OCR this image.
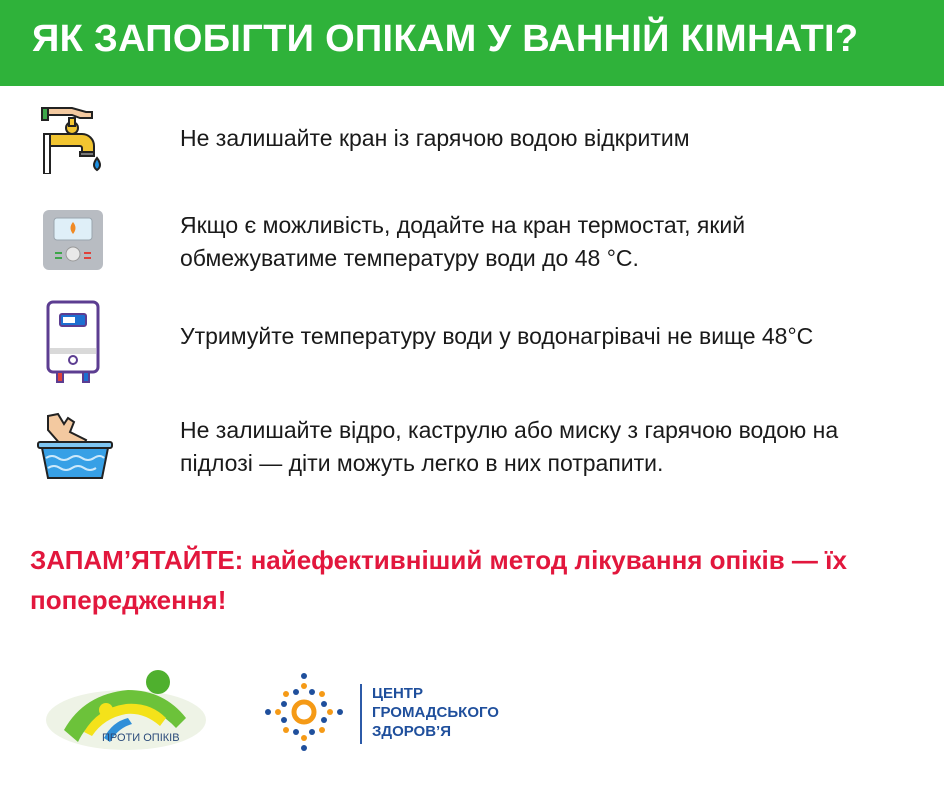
ЯК ЗАПОБІГТИ ОПІКАМ У ВАННІЙ КІМНАТІ?
Не залишайте кран із гарячою водою відкритим
Якщо є можливість, додайте на кран термостат, який обмежуватиме температуру води до 48 °C.
Утримуйте температуру води у водонагрівачі не вище 48°C
Не залишайте відро, каструлю або миску з гарячою водою на підлозі — діти можуть легко в них потрапити.
ЗАПАМ’ЯТАЙТЕ: найефективніший метод лікування опіків — їх попередження!
ПРОТИ ОПІКІВ
ЦЕНТР
ГРОМАДСЬКОГО
ЗДОРОВ’Я
